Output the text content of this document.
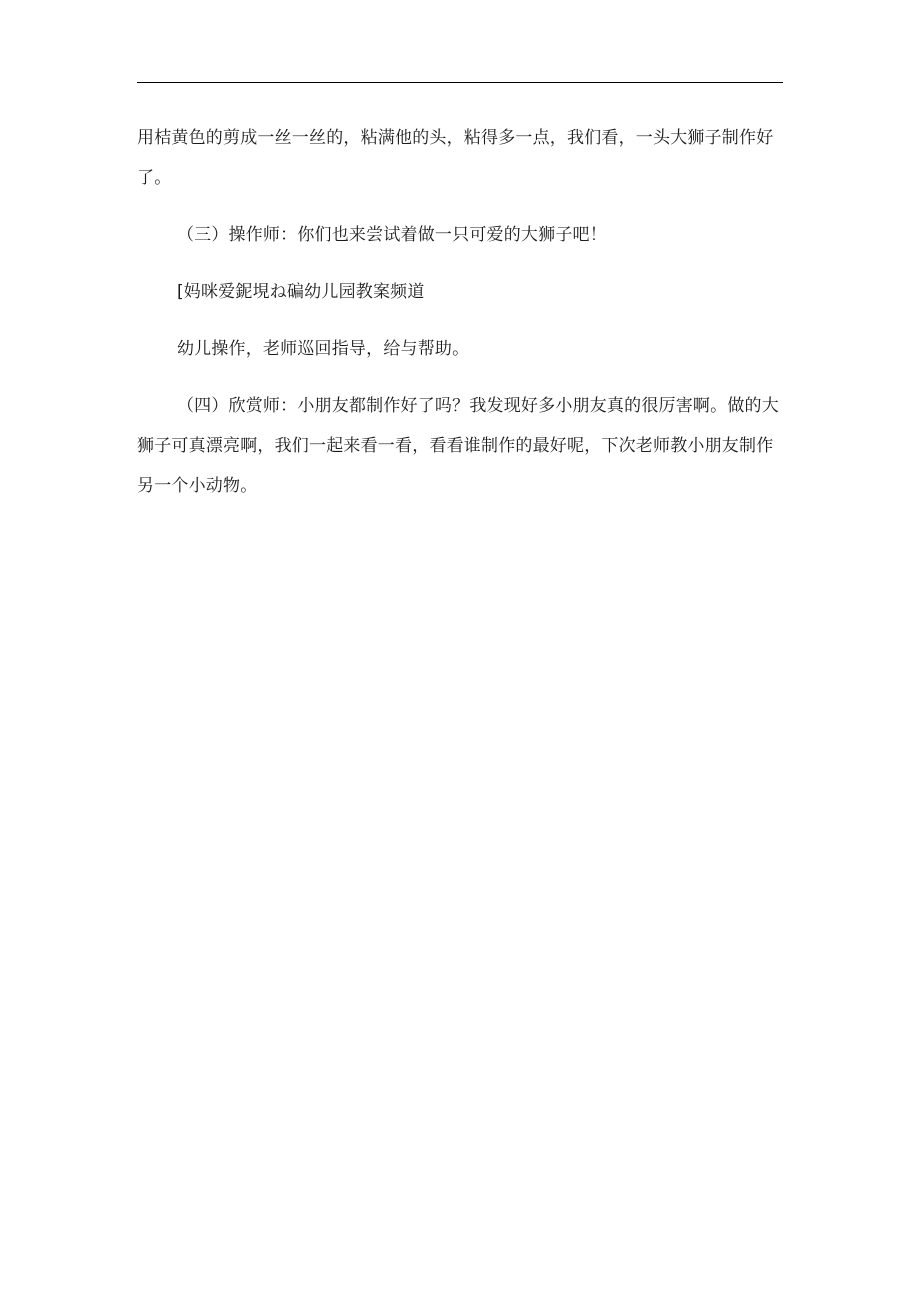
用桔黄色的剪成一丝一丝的，粘满他的头，粘得多一点，我们看，一头大狮子制作好了。

（三）操作师：你们也来尝试着做一只可爱的大狮子吧！

[妈咪爱鈮垷ね碥幼儿园教案频道

幼儿操作，老师巡回指导，给与帮助。

（四）欣赏师：小朋友都制作好了吗？我发现好多小朋友真的很厉害啊。做的大狮子可真漂亮啊，我们一起来看一看，看看谁制作的最好呢，下次老师教小朋友制作另一个小动物。
